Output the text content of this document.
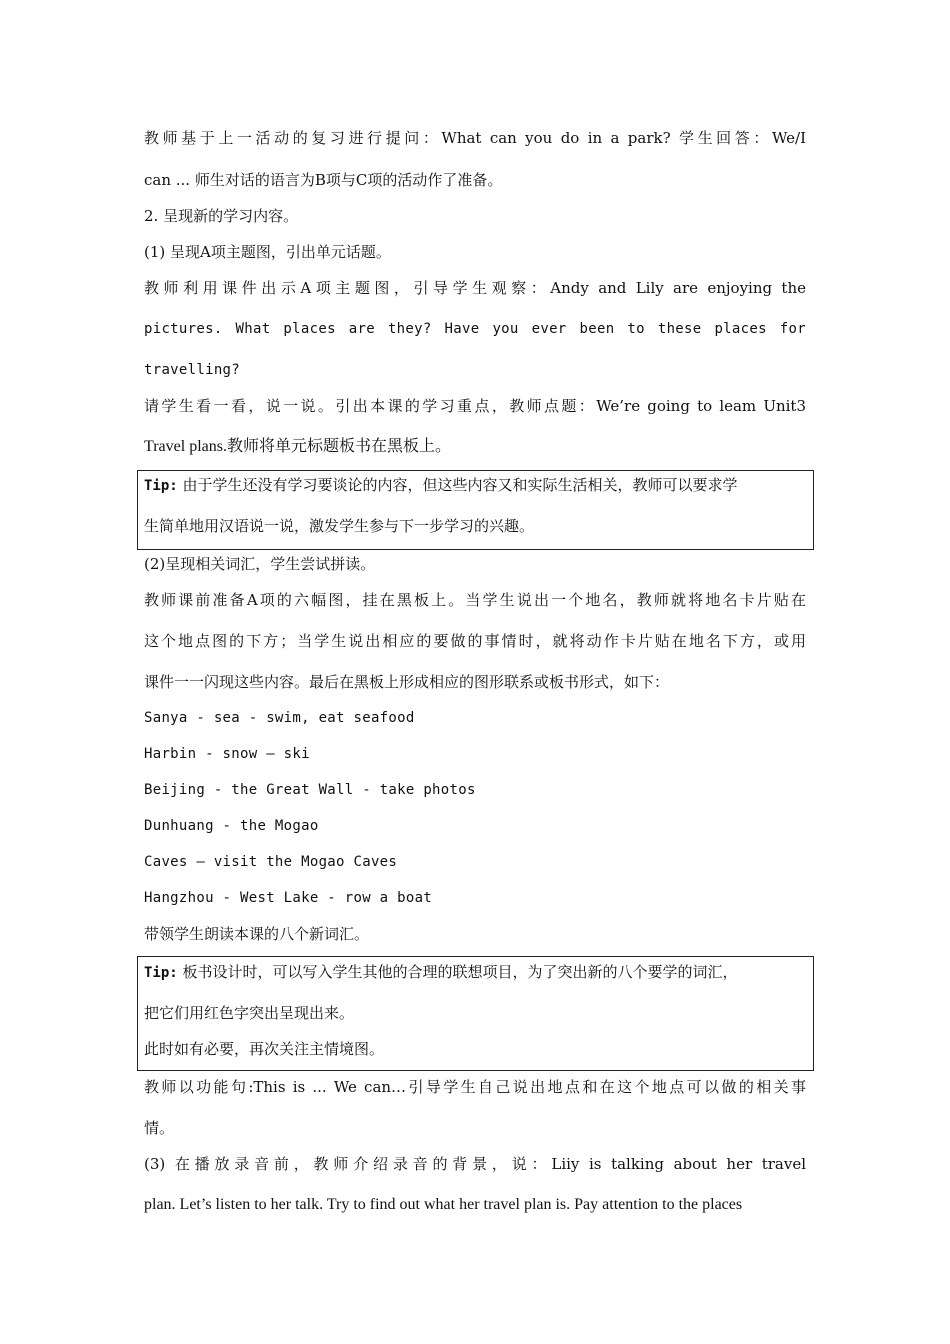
教师基于上一活动的复习进行提问：What can you do in a park? 学生回答：We/I
can ... 师生对话的语言为B项与C项的活动作了准备。
2. 呈现新的学习内容。
(1) 呈现A项主题图，引出单元话题。
教师利用课件出示A项主题图，引导学生观察：Andy and Lily are enjoying the
pictures. What places are they? Have you ever been to these places for
travelling?
请学生看一看，说一说。引出本课的学习重点，教师点题：We’re going to leam Unit3
Travel plans.教师将单元标题板书在黑板上。
Tip: 由于学生还没有学习要谈论的内容，但这些内容又和实际生活相关，教师可以要求学
生简单地用汉语说一说，激发学生参与下一步学习的兴趣。
(2)呈现相关词汇，学生尝试拼读。
教师课前准备A项的六幅图，挂在黑板上。当学生说出一个地名，教师就将地名卡片贴在
这个地点图的下方；当学生说出相应的要做的事情时，就将动作卡片贴在地名下方，或用
课件一一闪现这些内容。最后在黑板上形成相应的图形联系或板书形式，如下：
Sanya - sea - swim, eat seafood
Harbin - snow — ski
Beijing - the Great Wall - take photos
Dunhuang - the Mogao
Caves — visit the Mogao Caves
Hangzhou - West Lake - row a boat
带领学生朗读本课的八个新词汇。
Tip: 板书设计时，可以写入学生其他的合理的联想项目，为了突出新的八个要学的词汇，
把它们用红色字突出呈现出来。
此时如有必要，再次关注主情境图。
教师以功能句:This is ... We can…引导学生自己说出地点和在这个地点可以做的相关事
情。
(3) 在播放录音前，教师介绍录音的背景，说：Liiy is talking about her travel
plan. Let’s listen to her talk. Try to find out what her travel plan is. Pay attention to the places
